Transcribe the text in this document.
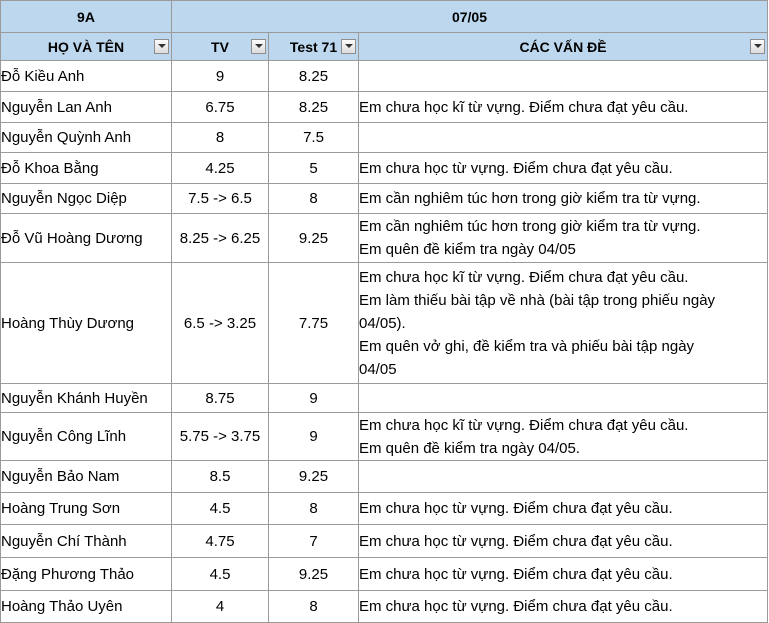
9A	07/05		
HỌ VÀ TÊN	TV	Test 71	CÁC VẤN ĐỀ

Đỗ Kiều Anh	9	8.25	
Nguyễn Lan Anh	6.75	8.25	Em chưa học kĩ từ vựng. Điểm chưa đạt yêu cầu.

Nguyễn Quỳnh Anh	8	7.5	
Đỗ Khoa Bằng	4.25	5	Em chưa học từ vựng. Điểm chưa đạt yêu cầu.

Nguyễn Ngọc Diệp	7.5 -> 6.5	8	Em cần nghiêm túc hơn trong giờ kiểm tra từ vựng.

Đỗ Vũ Hoàng Dương	8.25 -> 6.25	9.25	Em cần nghiêm túc hơn trong giờ kiểm tra từ vựng.
Em quên đề kiểm tra ngày 04/05

Hoàng Thùy Dương	6.5 -> 3.25	7.75	Em chưa học kĩ từ vựng. Điểm chưa đạt yêu cầu.
Em làm thiếu bài tập về nhà (bài tập trong phiếu ngày
04/05).
Em quên vở ghi, đề kiểm tra và phiếu bài tập ngày
04/05

Nguyễn Khánh Huyền	8.75	9	
Nguyễn Công Lĩnh	5.75 -> 3.75	9	Em chưa học kĩ từ vựng. Điểm chưa đạt yêu cầu.
Em quên đề kiểm tra ngày 04/05.

Nguyễn Bảo Nam	8.5	9.25	
Hoàng Trung Sơn	4.5	8	Em chưa học từ vựng. Điểm chưa đạt yêu cầu.

Nguyễn Chí Thành	4.75	7	Em chưa học từ vựng. Điểm chưa đạt yêu cầu.

Đặng Phương Thảo	4.5	9.25	Em chưa học từ vựng. Điểm chưa đạt yêu cầu.

Hoàng Thảo Uyên	4	8	Em chưa học từ vựng. Điểm chưa đạt yêu cầu.
